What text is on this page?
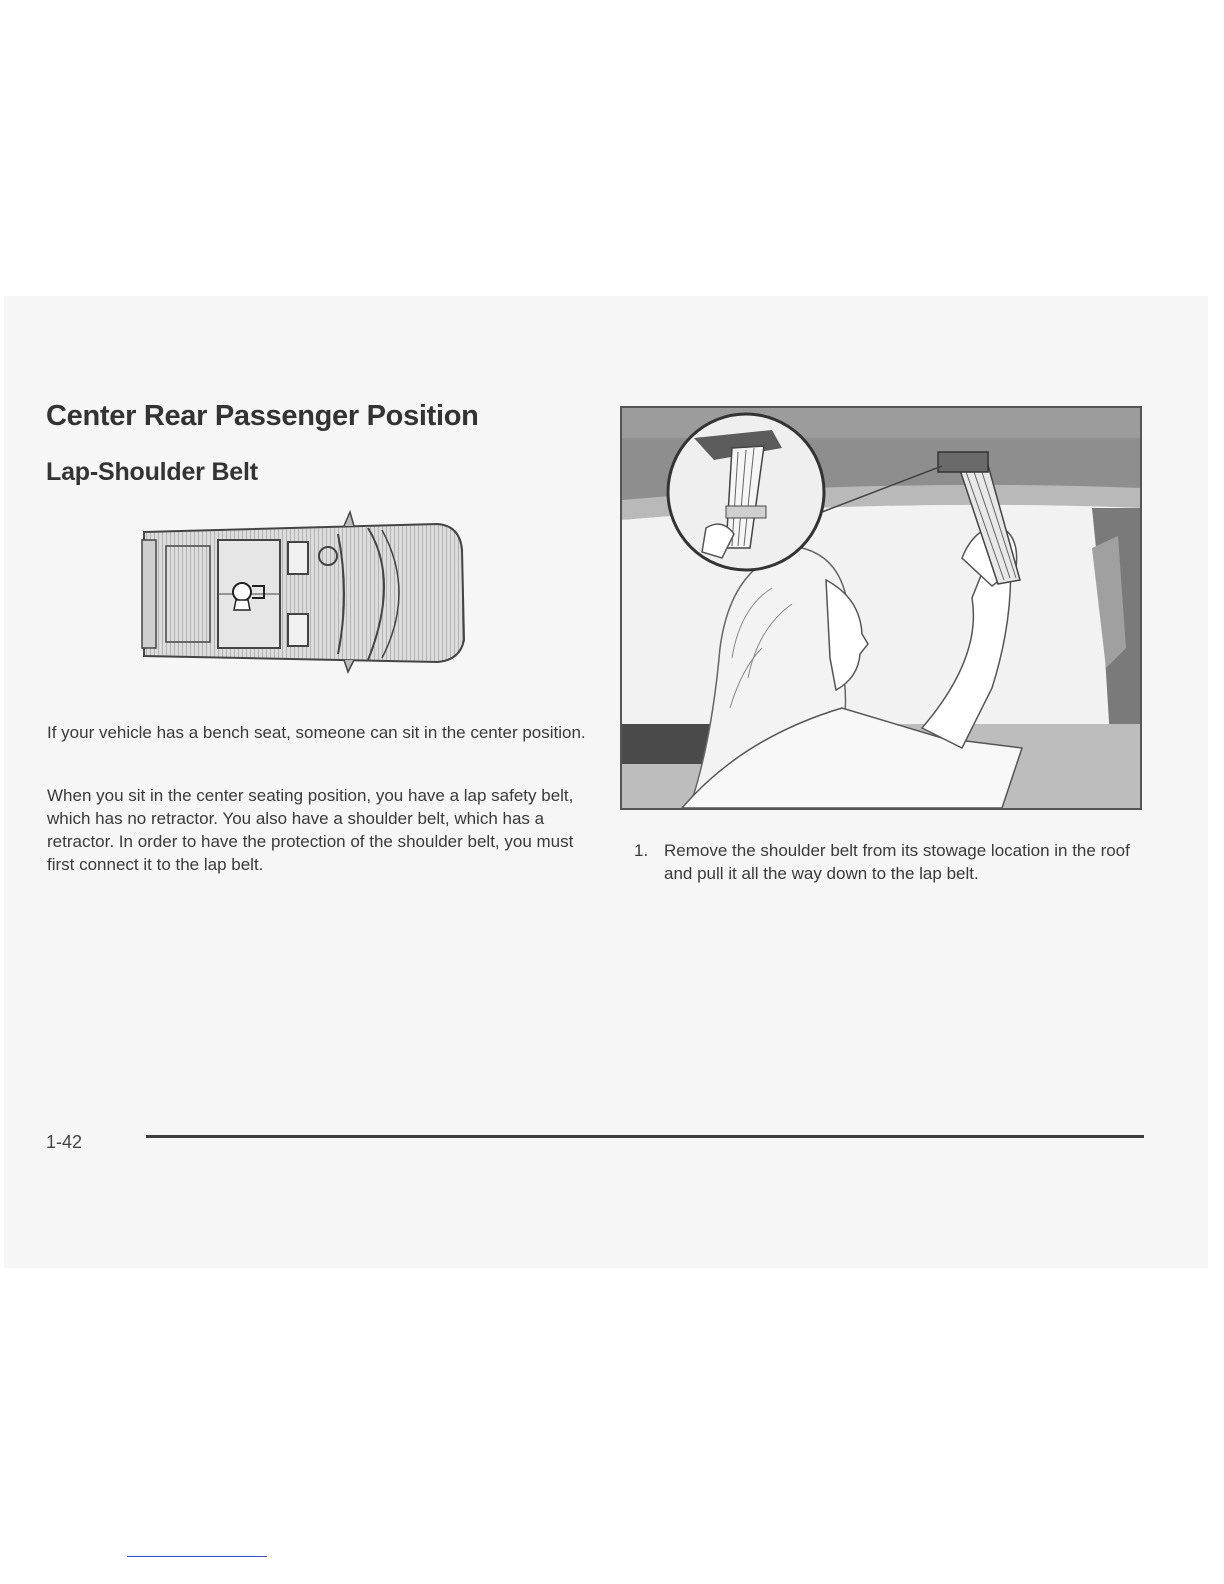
Center Rear Passenger Position
Lap-Shoulder Belt

If your vehicle has a bench seat, someone can sit in the center position.

When you sit in the center seating position, you have a lap safety belt, which has no retractor. You also have a shoulder belt, which has a retractor. In order to have the protection of the shoulder belt, you must first connect it to the lap belt.

1. Remove the shoulder belt from its stowage location in the roof and pull it all the way down to the lap belt.
1-42
